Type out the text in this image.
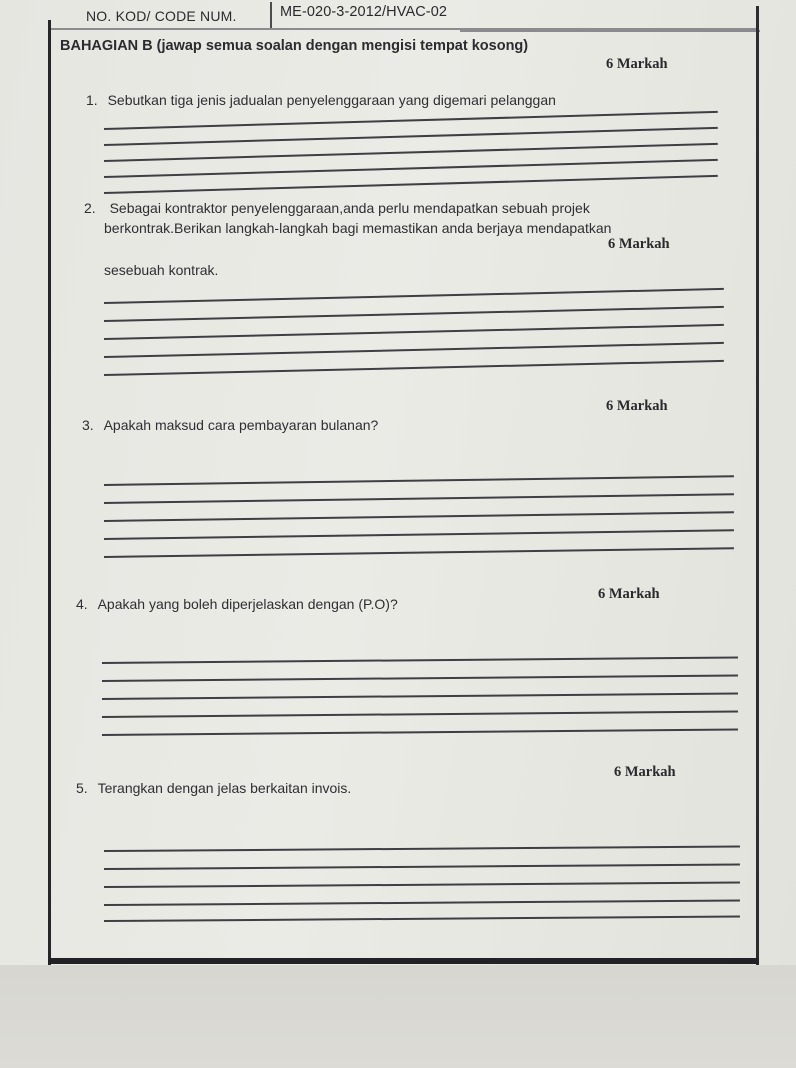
NO. KOD/ CODE NUM.	ME-020-3-2012/HVAC-02
BAHAGIAN B (jawap semua soalan dengan mengisi tempat kosong)
1. Sebutkan tiga jenis jadualan penyelenggaraan yang digemari pelanggan
6 Markah
2. Sebagai kontraktor penyelenggaraan,anda perlu mendapatkan sebuah projek
berkontrak.Berikan langkah-langkah bagi memastikan anda berjaya mendapatkan
sesebuah kontrak.
6 Markah
3. Apakah maksud cara pembayaran bulanan?
6 Markah
4. Apakah yang boleh diperjelaskan dengan (P.O)?
6 Markah
5. Terangkan dengan jelas berkaitan invois.
6 Markah
